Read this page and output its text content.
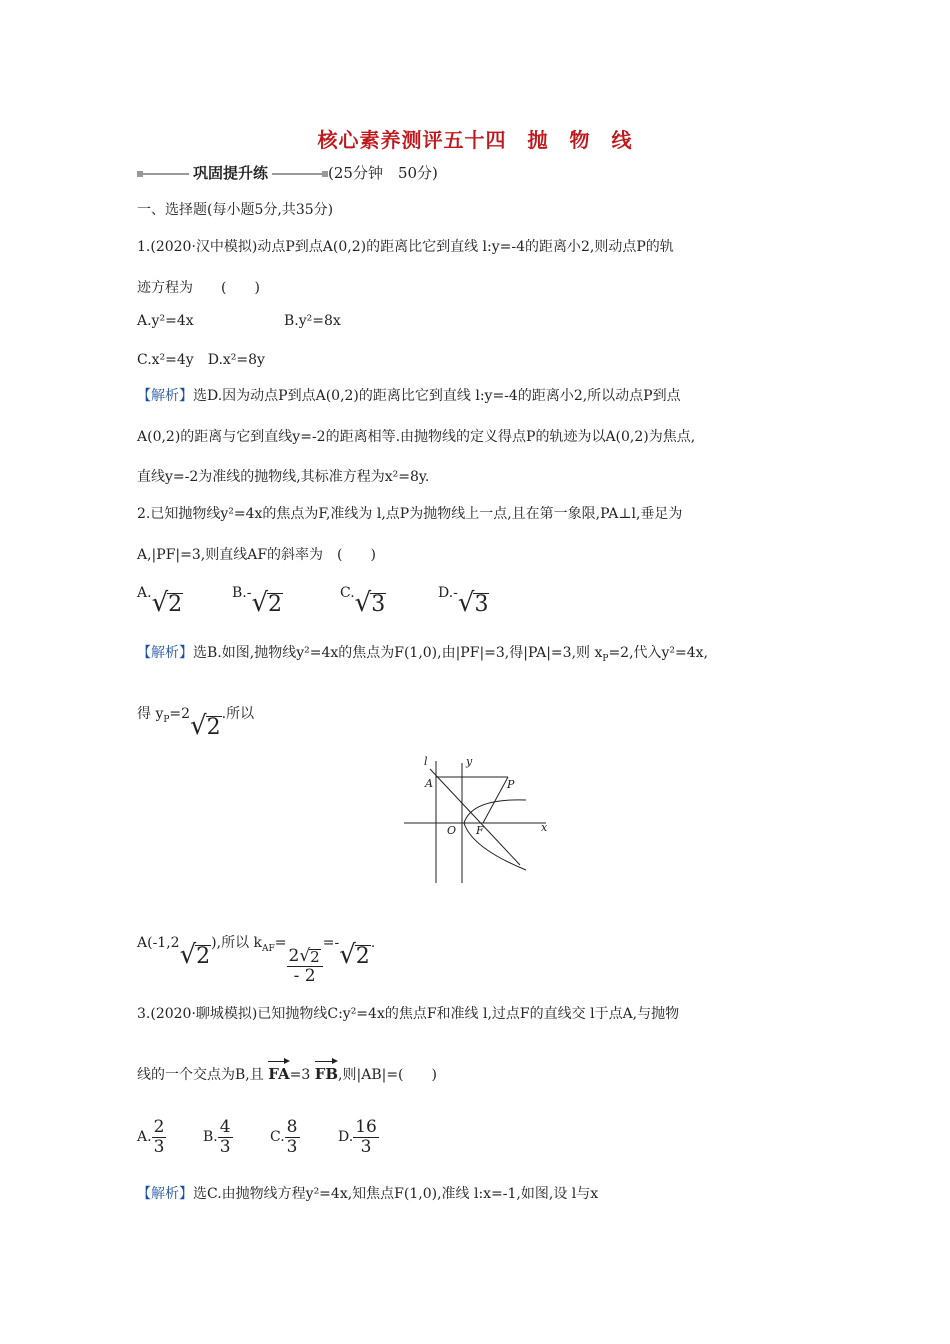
核心素养测评五十四　抛　物　线
巩固提升练	(25分钟　50分)
一、选择题(每小题5分,共35分)
1.(2020·汉中模拟)动点P到点A(0,2)的距离比它到直线 l:y=-4的距离小2,则动点P的轨
迹方程为　　(　　)
A.y²=4x	B.y²=8x
C.x²=4y　D.x²=8y
【解析】选D.因为动点P到点A(0,2)的距离比它到直线 l:y=-4的距离小2,所以动点P到点
A(0,2)的距离与它到直线y=-2的距离相等.由抛物线的定义得点P的轨迹为以A(0,2)为焦点,
直线y=-2为准线的抛物线,其标准方程为x²=8y.
2.已知抛物线y²=4x的焦点为F,准线为 l,点P为抛物线上一点,且在第一象限,PA⊥l,垂足为
A,|PF|=3,则直线AF的斜率为　(　　)
A. √ 2	B.- √ 2	C. √ 3	D.- √ 3
【解析】选B.如图,抛物线y²=4x的焦点为F(1,0),由|PF|=3,得|PA|=3,则 $x_P=2$,代入y²=4x,
得 $y_P=2$ √ 2
.所以
l	y
A	P
O F	x
A(-1,2 √ 2
),所以 $k_{AF}=$
$\frac{2 √ 2}{- 2}$
=- √ 2
.
3.(2020·聊城模拟)已知抛物线C:y²=4x的焦点F和准线 l,过点F的直线交 l于点A,与抛物
线的一个交点为B,且 FA=3 FB,则|AB|=(　　)
A. $\frac{2}{3}$	B. $\frac{4}{3}$	C. $\frac{8}{3}$	D. $\frac{16}{3}$
【解析】选C.由抛物线方程y²=4x,知焦点F(1,0),准线 l:x=-1,如图,设 l与x
